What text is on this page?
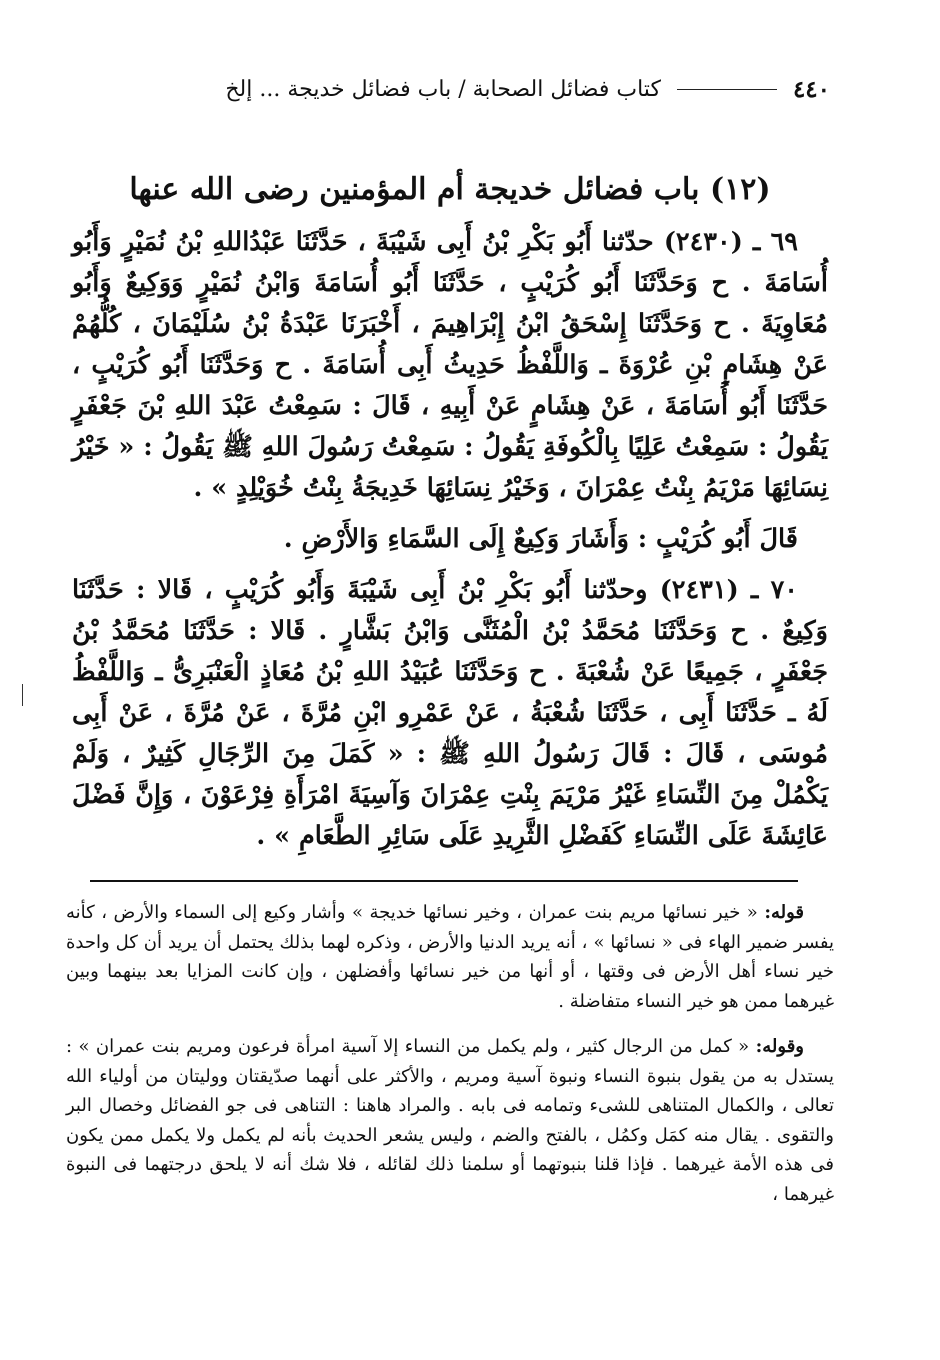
٤٤٠
كتاب فضائل الصحابة / باب فضائل خديجة ... إلخ
(١٢) باب فضائل خديجة أم المؤمنين رضى الله عنها

٦٩ ـ (٢٤٣٠) حدّثنا أَبُو بَكْرِ بْنُ أَبِى شَيْبَةَ ، حَدَّثَنَا عَبْدُاللهِ بْنُ نُمَيْرٍ وَأَبُو أُسَامَةَ . ح وَحَدَّثَنَا أَبُو كُرَيْبٍ ، حَدَّثَنَا أَبُو أُسَامَةَ وَابْنُ نُمَيْرٍ وَوَكِيعٌ وَأَبُو مُعَاوِيَةَ . ح وَحَدَّثَنَا إِسْحَقُ ابْنُ إِبْرَاهِيمَ ، أَخْبَرَنَا عَبْدَةُ بْنُ سُلَيْمَانَ ، كُلُّهُمْ عَنْ هِشَامِ بْنِ عُرْوَةَ ـ وَاللَّفْظُ حَدِيثُ أَبِى أُسَامَةَ . ح وَحَدَّثَنَا أَبُو كُرَيْبٍ ، حَدَّثَنَا أَبُو أُسَامَةَ ، عَنْ هِشَامٍ عَنْ أَبِيهِ ، قَالَ : سَمِعْتُ عَبْدَ اللهِ بْنَ جَعْفَرٍ يَقُولُ : سَمِعْتُ عَلِيًا بِالْكُوفَةِ يَقُولُ : سَمِعْتُ رَسُولَ اللهِ ﷺ يَقُولُ : « خَيْرُ نِسَائِهَا مَرْيَمُ بِنْتُ عِمْرَانَ ، وَخَيْرُ نِسَائِهَا خَدِيجَةُ بِنْتُ خُوَيْلِدٍ » .

قَالَ أَبُو كُرَيْبٍ : وَأَشَارَ وَكِيعٌ إِلَى السَّمَاءِ وَالأَرْضِ .

٧٠ ـ (٢٤٣١) وحدّثنا أَبُو بَكْرِ بْنُ أَبِى شَيْبَةَ وَأَبُو كُرَيْبٍ ، قَالا : حَدَّثَنَا وَكِيعٌ . ح وَحَدَّثَنَا مُحَمَّدُ بْنُ الْمُثَنَّى وَابْنُ بَشَّارٍ . قَالا : حَدَّثَنَا مُحَمَّدُ بْنُ جَعْفَرٍ ، جَمِيعًا عَنْ شُعْبَةَ . ح وَحَدَّثَنَا عُبَيْدُ اللهِ بْنُ مُعَاذٍ الْعَنْبَرِىُّ ـ وَاللَّفْظُ لَهُ ـ حَدَّثَنَا أَبِى ، حَدَّثَنَا شُعْبَةُ ، عَنْ عَمْرِو ابْنِ مُرَّةَ ، عَنْ مُرَّةَ ، عَنْ أَبِى مُوسَى ، قَالَ : قَالَ رَسُولُ اللهِ ﷺ : « كَمَلَ مِنَ الرِّجَالِ كَثِيرٌ ، وَلَمْ يَكْمُلْ مِنَ النِّسَاءِ غَيْرُ مَرْيَمَ بِنْتِ عِمْرَانَ وَآسِيَةَ امْرَأَةِ فِرْعَوْنَ ، وَإِنَّ فَضْلَ عَائِشَةَ عَلَى النِّسَاءِ كَفَضْلِ الثَّرِيدِ عَلَى سَائِرِ الطَّعَامِ » .

قوله: « خير نسائها مريم بنت عمران ، وخير نسائها خديجة » وأشار وكيع إلى السماء والأرض ، كأنه يفسر ضمير الهاء فى « نسائها » ، أنه يريد الدنيا والأرض ، وذكره لهما بذلك يحتمل أن يريد أن كل واحدة خير نساء أهل الأرض فى وقتها ، أو أنها من خير نسائها وأفضلهن ، وإن كانت المزايا بعد بينهما وبين غيرهما ممن هو خير النساء متفاضلة .

وقوله: « كمل من الرجال كثير ، ولم يكمل من النساء إلا آسية امرأة فرعون ومريم بنت عمران » : يستدل به من يقول بنبوة النساء ونبوة آسية ومريم ، والأكثر على أنهما صدّيقتان ووليتان من أولياء الله تعالى ، والكمال المتناهى للشىء وتمامه فى بابه . والمراد هاهنا : التناهى فى جو الفضائل وخصال البر والتقوى . يقال منه كمَل وكمُل ، بالفتح والضم ، وليس يشعر الحديث بأنه لم يكمل ولا يكمل ممن يكون فى هذه الأمة غيرهما . فإذا قلنا بنبوتهما أو سلمنا ذلك لقائله ، فلا شك أنه لا يلحق درجتهما فى النبوة غيرهما ،
